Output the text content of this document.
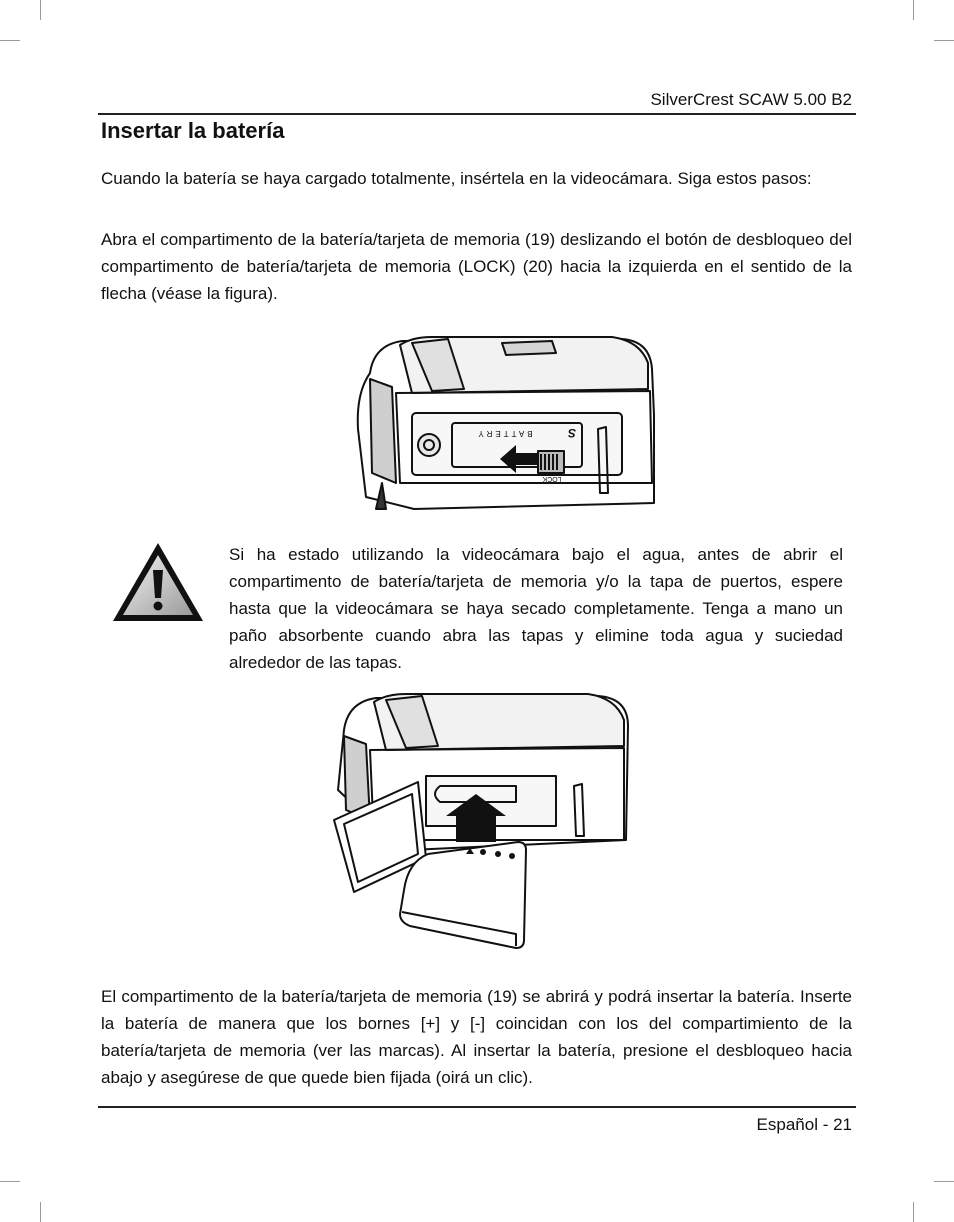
SilverCrest SCAW 5.00 B2
Insertar la batería

Cuando la batería se haya cargado totalmente, insértela en la videocámara. Siga estos pasos:

Abra el compartimento de la batería/tarjeta de memoria (19) deslizando el botón de desbloqueo del compartimento de batería/tarjeta de memoria (LOCK) (20) hacia la izquierda en el sentido de la flecha (véase la figura).

BATTERY
LOCK
S

Si ha estado utilizando la videocámara bajo el agua, antes de abrir el compartimento de batería/tarjeta de memoria y/o la tapa de puertos, espere hasta que la videocámara se haya secado completamente. Tenga a mano un paño absorbente cuando abra las tapas y elimine toda agua y suciedad alrededor de las tapas.

El compartimento de la batería/tarjeta de memoria (19) se abrirá y podrá insertar la batería. Inserte la batería de manera que los bornes [+] y [-] coincidan con los del compartimiento de la batería/tarjeta de memoria (ver las marcas). Al insertar la batería, presione el desbloqueo hacia abajo y asegúrese de que quede bien fijada (oirá un clic).

Español - 21
